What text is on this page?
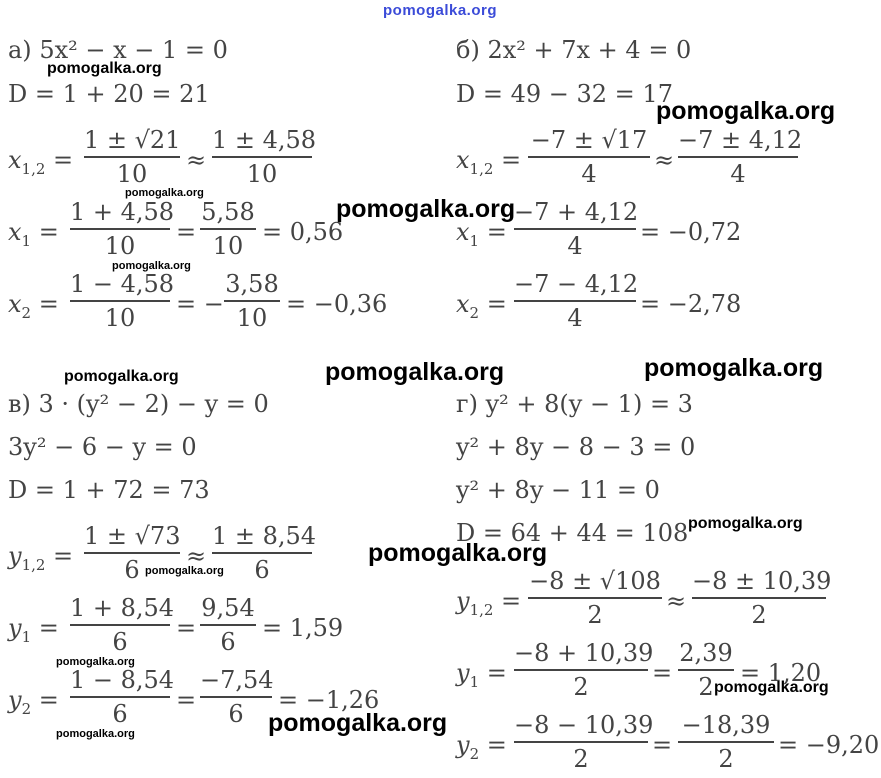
pomogalka.org
pomogalka.org
pomogalka.org
pomogalka.org
pomogalka.org
pomogalka.org
pomogalka.org	pomogalka.org	pomogalka.org
pomogalka.org
pomogalka.org
pomogalka.org
pomogalka.org
pomogalka.org
pomogalka.org
pomogalka.org
а) 5x² − x − 1 = 0
D = 1 + 20 = 21
$x_{1,2}$ =
1 ± √21
10	≈
1 ± 4,58
10
$x_1$ =
1 + 4,58
10	=
5,58
10 = 0,56
$x_2$ =
1 − 4,58
10	= −
3,58
10 = −0,36
б) 2x² + 7x + 4 = 0
D = 49 − 32 = 17
$x_{1,2}$ =
−7 ± √17
4	≈
−7 ± 4,12
4
$x_1$ =
−7 + 4,12
4	= −0,72
$x_2$ =
−7 − 4,12
4	= −2,78
в) 3 · (y² − 2) − y = 0
3y² − 6 − y = 0
D = 1 + 72 = 73
$y_{1,2}$ =
1 ± √73
6	≈
1 ± 8,54
6
$y_1$ =
1 + 8,54
6	=
9,54
6	= 1,59
$y_2$ =
1 − 8,54
6	=
−7,54
6	= −1,26
г) y² + 8(y − 1) = 3
y² + 8y − 8 − 3 = 0
y² + 8y − 11 = 0
D = 64 + 44 = 108
$y_{1,2}$ =
−8 ± √108
2	≈
−8 ± 10,39
2
$y_1$ =
−8 + 10,39
2	=
2,39
2	= 1,20
$y_2$ =
−8 − 10,39
2	=
−18,39
2	= −9,20
